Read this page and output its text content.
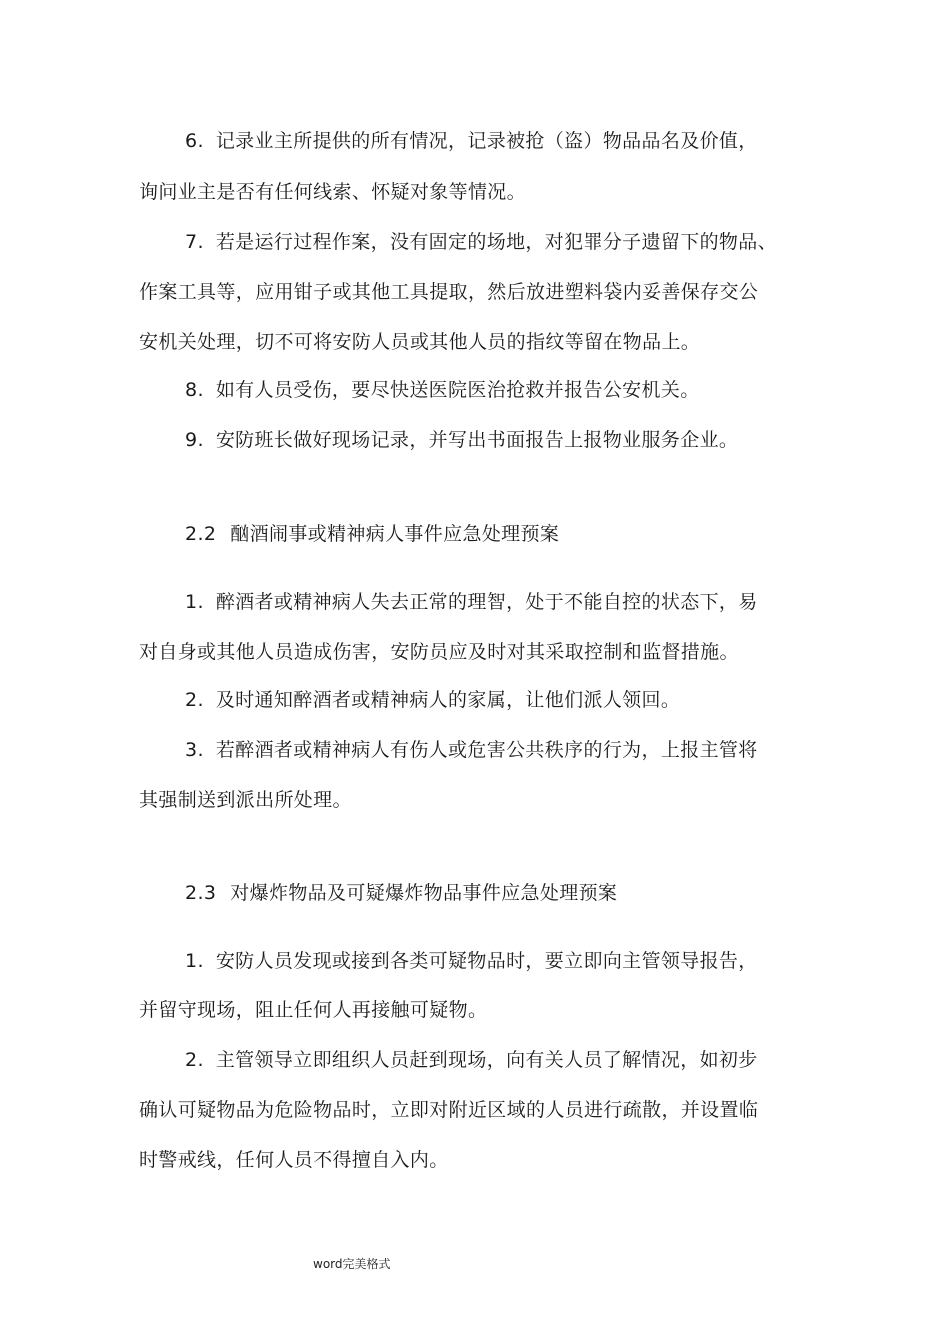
6. 记录业主所提供的所有情况，记录被抢（盗）物品品名及价值，
询问业主是否有任何线索、怀疑对象等情况。
7. 若是运行过程作案，没有固定的场地，对犯罪分子遗留下的物品、
作案工具等，应用钳子或其他工具提取，然后放进塑料袋内妥善保存交公
安机关处理，切不可将安防人员或其他人员的指纹等留在物品上。
8. 如有人员受伤，要尽快送医院医治抢救并报告公安机关。
9. 安防班长做好现场记录，并写出书面报告上报物业服务企业。
2.2 酗酒闹事或精神病人事件应急处理预案
1. 醉酒者或精神病人失去正常的理智，处于不能自控的状态下，易
对自身或其他人员造成伤害，安防员应及时对其采取控制和监督措施。
2. 及时通知醉酒者或精神病人的家属，让他们派人领回。
3. 若醉酒者或精神病人有伤人或危害公共秩序的行为，上报主管将
其强制送到派出所处理。
2.3 对爆炸物品及可疑爆炸物品事件应急处理预案
1. 安防人员发现或接到各类可疑物品时，要立即向主管领导报告，
并留守现场，阻止任何人再接触可疑物。
2. 主管领导立即组织人员赶到现场，向有关人员了解情况，如初步
确认可疑物品为危险物品时，立即对附近区域的人员进行疏散，并设置临
时警戒线，任何人员不得擅自入内。
word完美格式
